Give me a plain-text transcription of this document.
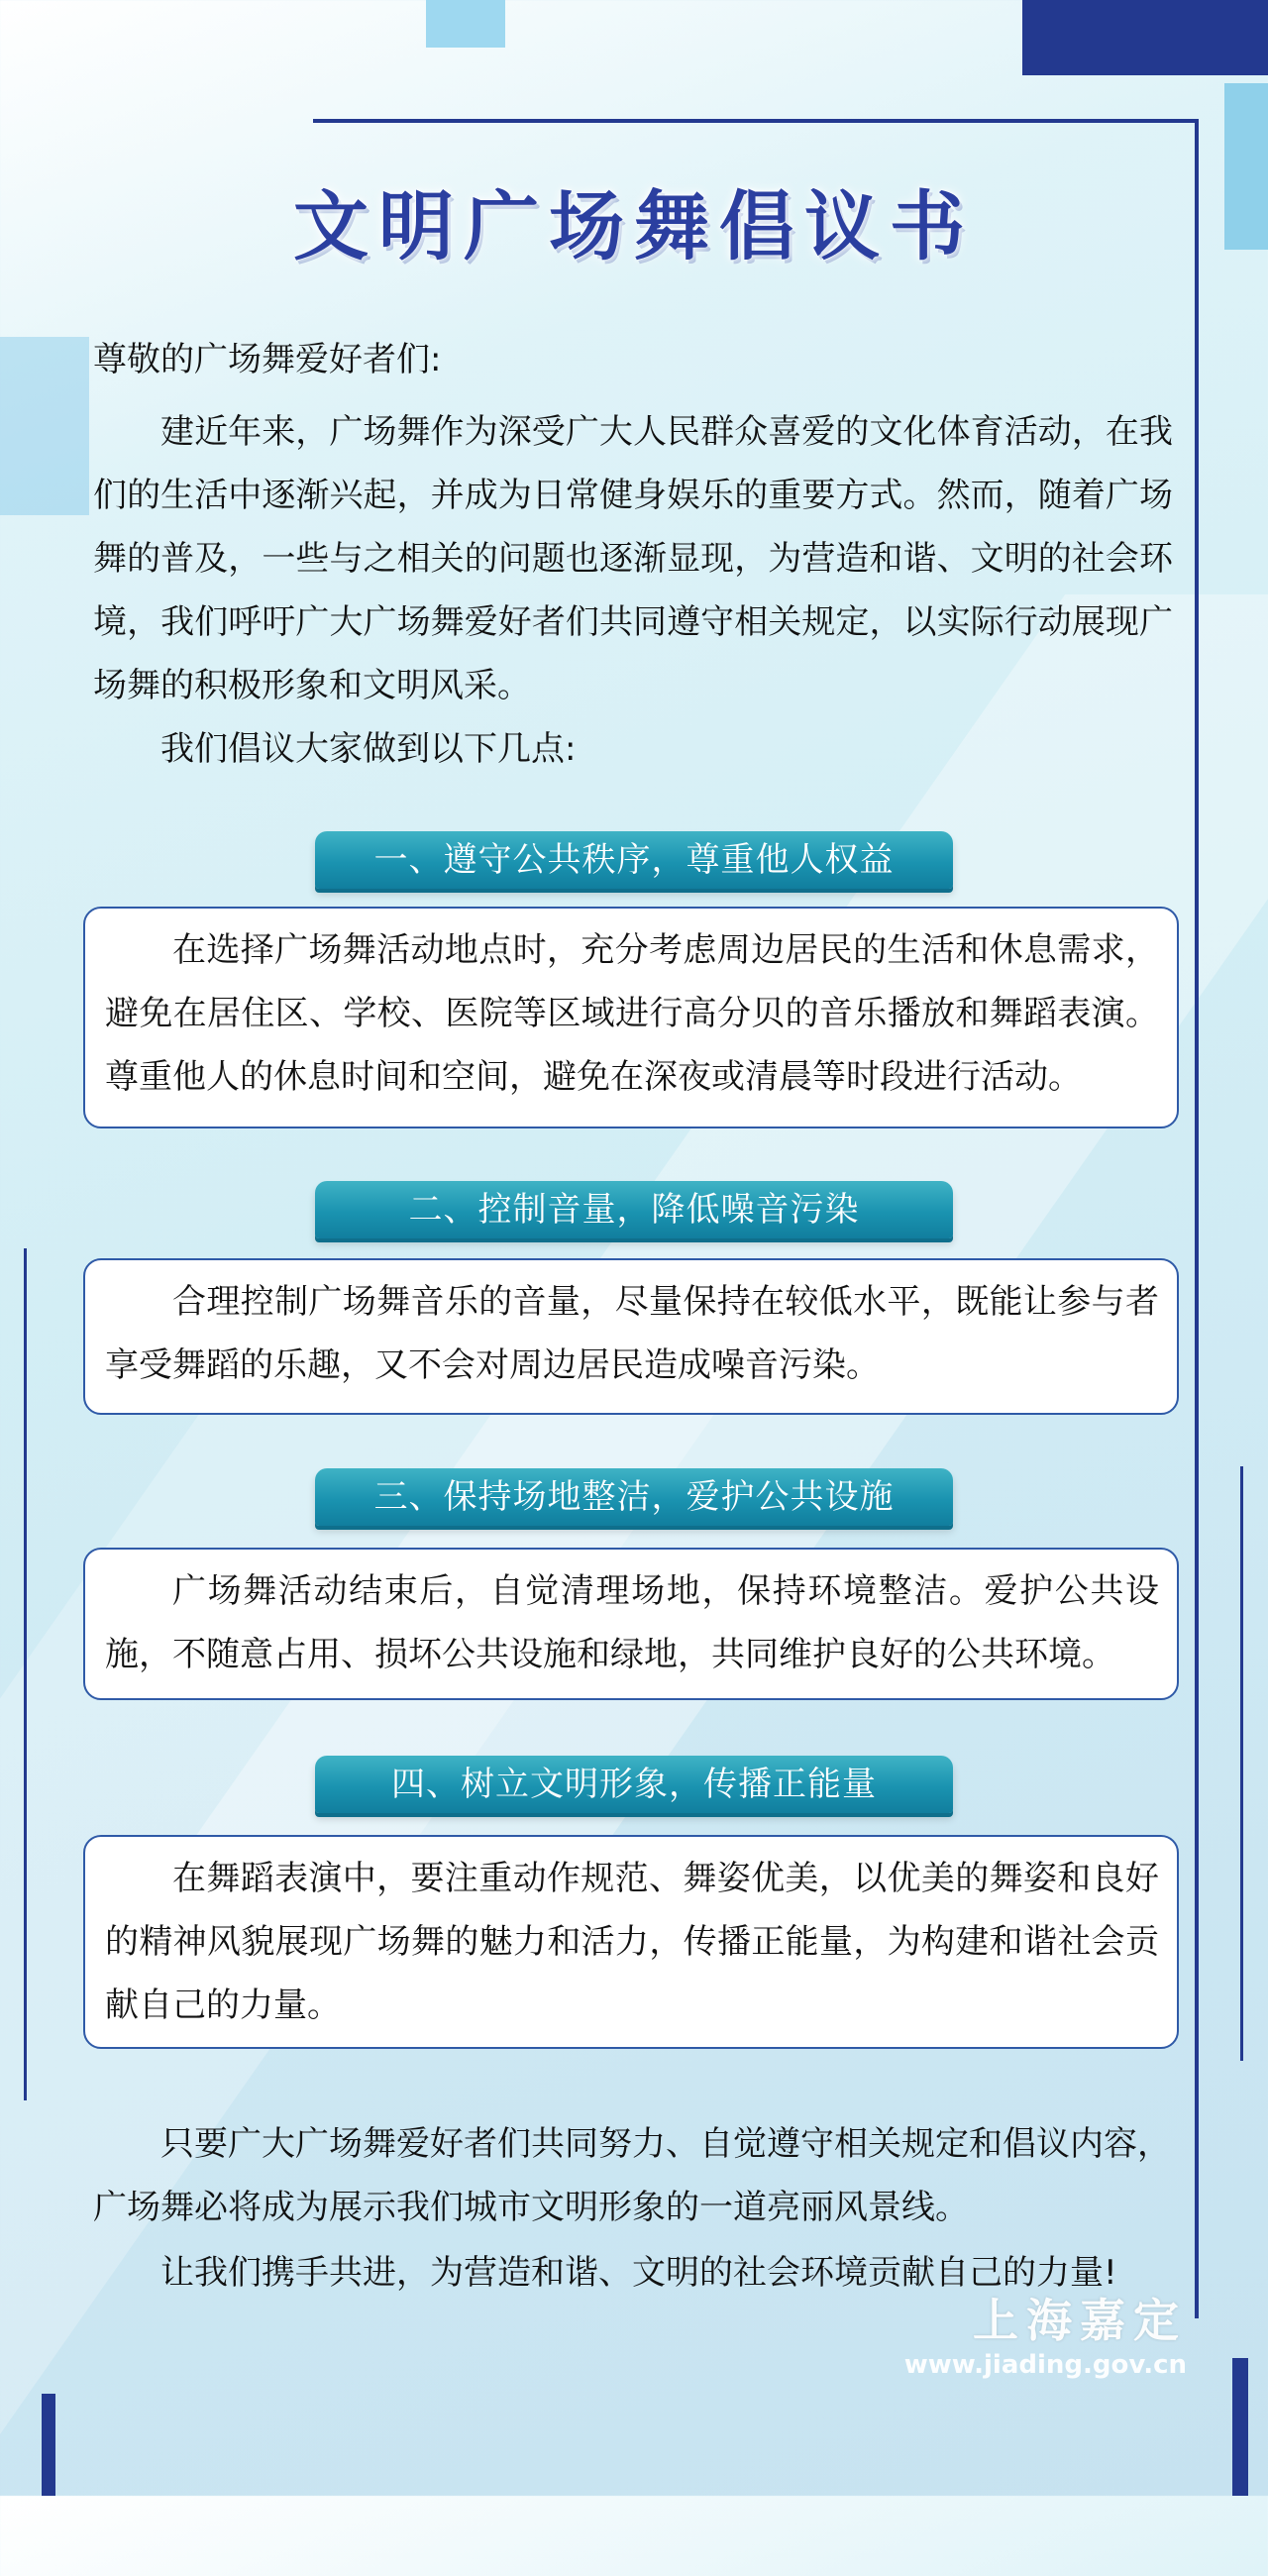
文明广场舞倡议书
尊敬的广场舞爱好者们:
建近年来，广场舞作为深受广大人民群众喜爱的文化体育活动，在我们的生活中逐渐兴起，并成为日常健身娱乐的重要方式。然而，随着广场舞的普及，一些与之相关的问题也逐渐显现，为营造和谐、文明的社会环境，我们呼吁广大广场舞爱好者们共同遵守相关规定，以实际行动展现广场舞的积极形象和文明风采。
我们倡议大家做到以下几点:
一、遵守公共秩序，尊重他人权益
在选择广场舞活动地点时，充分考虑周边居民的生活和休息需求，避免在居住区、学校、医院等区域进行高分贝的音乐播放和舞蹈表演。尊重他人的休息时间和空间，避免在深夜或清晨等时段进行活动。
二、控制音量，降低噪音污染
合理控制广场舞音乐的音量，尽量保持在较低水平，既能让参与者享受舞蹈的乐趣，又不会对周边居民造成噪音污染。
三、保持场地整洁，爱护公共设施
广场舞活动结束后，自觉清理场地，保持环境整洁。爱护公共设施，不随意占用、损坏公共设施和绿地，共同维护良好的公共环境。
四、树立文明形象，传播正能量
在舞蹈表演中，要注重动作规范、舞姿优美，以优美的舞姿和良好的精神风貌展现广场舞的魅力和活力，传播正能量，为构建和谐社会贡献自己的力量。
只要广大广场舞爱好者们共同努力、自觉遵守相关规定和倡议内容，广场舞必将成为展示我们城市文明形象的一道亮丽风景线。
让我们携手共进，为营造和谐、文明的社会环境贡献自己的力量!
上海嘉定
www.jiading.gov.cn
